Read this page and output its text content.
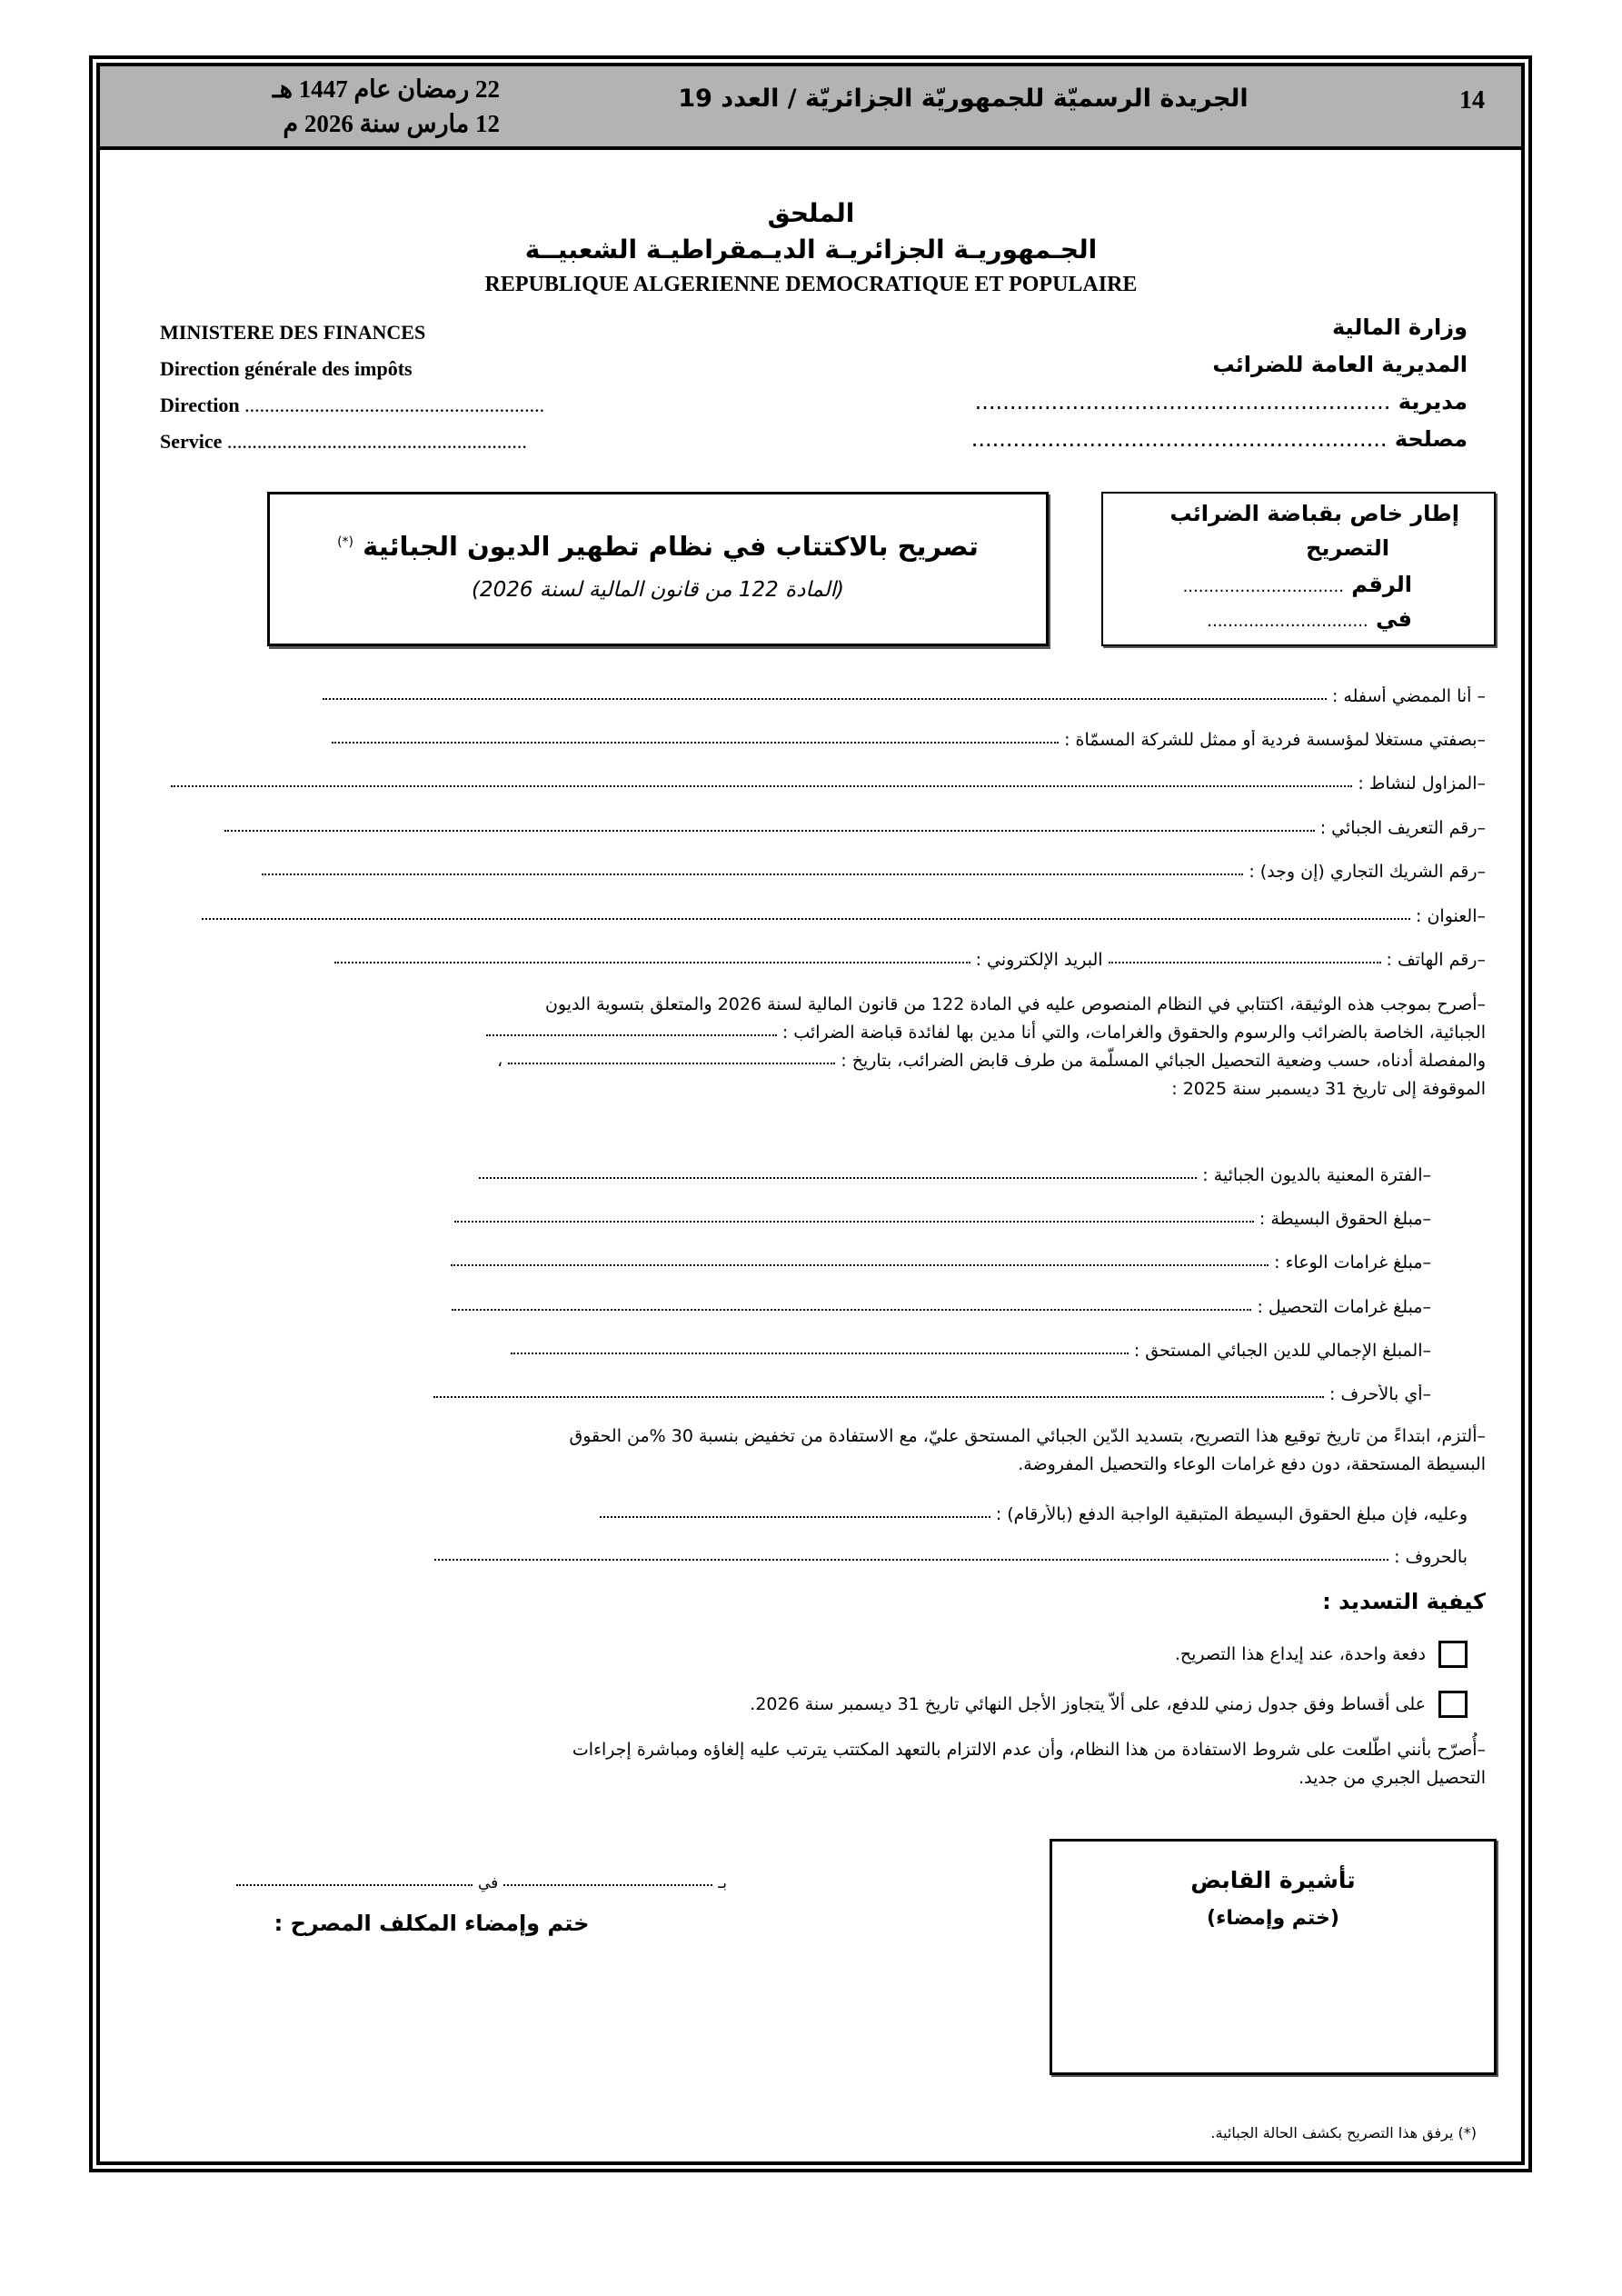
14
الجريدة الرسميّة للجمهوريّة الجزائريّة / العدد 19
22 رمضان عام 1447 هـ
12 مارس سنة 2026 م
الملحق
الجـمهوريـة الجزائريـة الديـمقراطيـة الشعبيــة
REPUBLIQUE ALGERIENNE DEMOCRATIQUE ET POPULAIRE
MINISTERE DES FINANCES
Direction générale des impôts
Direction ............................................................
Service ............................................................
وزارة المالية
المديرية العامة للضرائب
مديرية ............................................................
مصلحة ............................................................
تصريح بالاكتتاب في نظام تطهير الديون الجبائية (*)
(المادة 122 من قانون المالية لسنة 2026)
إطار خاص بقباضة الضرائب
التصريح
الرقم ...............................
في ...............................
– أنا الممضي أسفله :
–بصفتي مستغلا لمؤسسة فردية أو ممثل للشركة المسمّاة :
–المزاول لنشاط :
–رقم التعريف الجبائي :
–رقم الشريك التجاري (إن وجد) :
–العنوان :
–رقم الهاتف :البريد الإلكتروني :
–أصرح بموجب هذه الوثيقة، اكتتابي في النظام المنصوص عليه في المادة 122 من قانون المالية لسنة 2026 والمتعلق بتسوية الديون
الجبائية، الخاصة بالضرائب والرسوم والحقوق والغرامات، والتي أنا مدين بها لفائدة قباضة الضرائب :
والمفصلة أدناه، حسب وضعية التحصيل الجبائي المسلّمة من طرف قابض الضرائب، بتاريخ :،
الموقوفة إلى تاريخ 31 ديسمبر سنة 2025 :
–الفترة المعنية بالديون الجبائية :
–مبلغ الحقوق البسيطة :
–مبلغ غرامات الوعاء :
–مبلغ غرامات التحصيل :
–المبلغ الإجمالي للدين الجبائي المستحق :
–أي بالأحرف :
–ألتزم، ابتداءً من تاريخ توقيع هذا التصريح، بتسديد الدّين الجبائي المستحق عليّ، مع الاستفادة من تخفيض بنسبة 30 %من الحقوق
البسيطة المستحقة، دون دفع غرامات الوعاء والتحصيل المفروضة.
وعليه، فإن مبلغ الحقوق البسيطة المتبقية الواجبة الدفع (بالأرقام) :
بالحروف :
كيفية التسديد :
دفعة واحدة، عند إيداع هذا التصريح.
على أقساط وفق جدول زمني للدفع، على ألاّ يتجاوز الأجل النهائي تاريخ 31 ديسمبر سنة 2026.
–أُصرّح بأنني اطّلعت على شروط الاستفادة من هذا النظام، وأن عدم الالتزام بالتعهد المكتتب يترتب عليه إلغاؤه ومباشرة إجراءات
التحصيل الجبري من جديد.
تأشيرة القابض
(ختم وإمضاء)
بـفي
ختم وإمضاء المكلف المصرح :
(*) يرفق هذا التصريح بكشف الحالة الجبائية.
